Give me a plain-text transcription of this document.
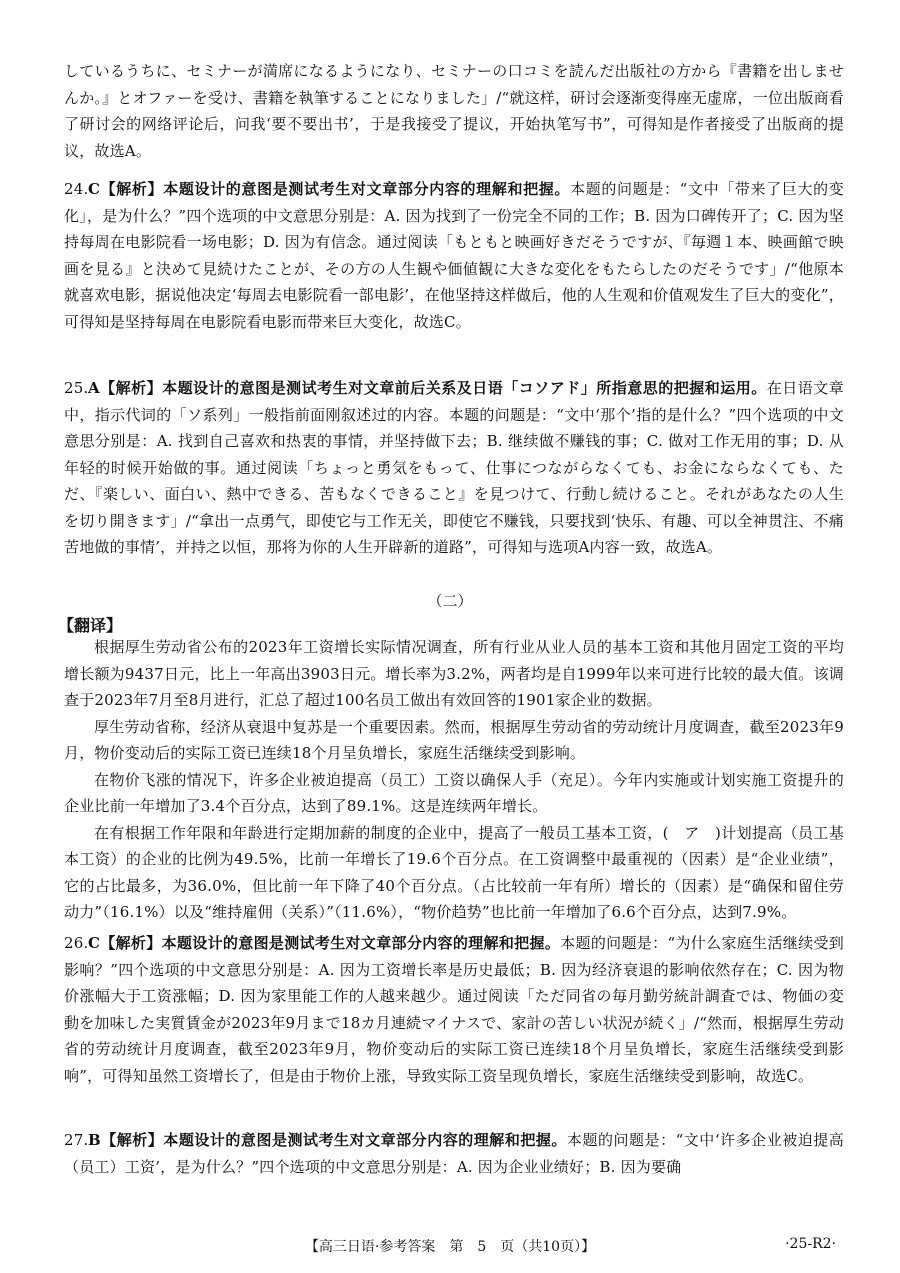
しているうちに、セミナーが満席になるようになり、セミナーの口コミを読んだ出版社の方から『書籍を出しませんか。』とオファーを受け、書籍を執筆することになりました」/“就这样，研讨会逐渐变得座无虚席，一位出版商看了研讨会的网络评论后，问我‘要不要出书’，于是我接受了提议，开始执笔写书”，可得知是作者接受了出版商的提议，故选A。

24.C【解析】本题设计的意图是测试考生对文章部分内容的理解和把握。本题的问题是：“文中「带来了巨大的变化」，是为什么？”四个选项的中文意思分别是：A. 因为找到了一份完全不同的工作；B. 因为口碑传开了；C. 因为坚持每周在电影院看一场电影；D. 因为有信念。通过阅读「もともと映画好きだそうですが、『毎週１本、映画館で映画を見る』と決めて見続けたことが、その方の人生観や価値観に大きな変化をもたらしたのだそうです」/“他原本就喜欢电影，据说他决定‘每周去电影院看一部电影’，在他坚持这样做后，他的人生观和价值观发生了巨大的变化”，可得知是坚持每周在电影院看电影而带来巨大变化，故选C。

25.A【解析】本题设计的意图是测试考生对文章前后关系及日语「コソアド」所指意思的把握和运用。在日语文章中，指示代词的「ソ系列」一般指前面刚叙述过的内容。本题的问题是：“文中‘那个’指的是什么？”四个选项的中文意思分别是：A. 找到自己喜欢和热衷的事情，并坚持做下去；B. 继续做不赚钱的事；C. 做对工作无用的事；D. 从年轻的时候开始做的事。通过阅读「ちょっと勇気をもって、仕事につながらなくても、お金にならなくても、ただ、『楽しい、面白い、熱中できる、苦もなくできること』を見つけて、行動し続けること。それがあなたの人生を切り開きます」/“拿出一点勇气，即使它与工作无关，即使它不赚钱，只要找到‘快乐、有趣、可以全神贯注、不痛苦地做的事情’，并持之以恒，那将为你的人生开辟新的道路”，可得知与选项A内容一致，故选A。

（二）
【翻译】

根据厚生劳动省公布的2023年工资增长实际情况调查，所有行业从业人员的基本工资和其他月固定工资的平均增长额为9437日元，比上一年高出3903日元。增长率为3.2%，两者均是自1999年以来可进行比较的最大值。该调查于2023年7月至8月进行，汇总了超过100名员工做出有效回答的1901家企业的数据。

厚生劳动省称，经济从衰退中复苏是一个重要因素。然而，根据厚生劳动省的劳动统计月度调查，截至2023年9月，物价变动后的实际工资已连续18个月呈负增长，家庭生活继续受到影响。

在物价飞涨的情况下，许多企业被迫提高（员工）工资以确保人手（充足）。今年内实施或计划实施工资提升的企业比前一年增加了3.4个百分点，达到了89.1%。这是连续两年增长。

在有根据工作年限和年龄进行定期加薪的制度的企业中，提高了一般员工基本工资，(　ア　)计划提高（员工基本工资）的企业的比例为49.5%，比前一年增长了19.6个百分点。在工资调整中最重视的（因素）是“企业业绩”，它的占比最多，为36.0%，但比前一年下降了40个百分点。（占比较前一年有所）增长的（因素）是“确保和留住劳动力”（16.1%）以及“维持雇佣（关系）”（11.6%），“物价趋势”也比前一年增加了6.6个百分点，达到7.9%。

26.C【解析】本题设计的意图是测试考生对文章部分内容的理解和把握。本题的问题是：“为什么家庭生活继续受到影响？”四个选项的中文意思分别是：A. 因为工资增长率是历史最低；B. 因为经济衰退的影响依然存在；C. 因为物价涨幅大于工资涨幅；D. 因为家里能工作的人越来越少。通过阅读「ただ同省の毎月勤労統計調査では、物価の変動を加味した実質賃金が2023年9月まで18カ月連続マイナスで、家計の苦しい状況が続く」/“然而，根据厚生劳动省的劳动统计月度调查，截至2023年9月，物价变动后的实际工资已连续18个月呈负增长，家庭生活继续受到影响”，可得知虽然工资增长了，但是由于物价上涨，导致实际工资呈现负增长，家庭生活继续受到影响，故选C。

27.B【解析】本题设计的意图是测试考生对文章部分内容的理解和把握。本题的问题是：“文中‘许多企业被迫提高（员工）工资’，是为什么？”四个选项的中文意思分别是：A. 因为企业业绩好；B. 因为要确

【高三日语·参考答案　第　5　页（共10页）】	·25-R2·
